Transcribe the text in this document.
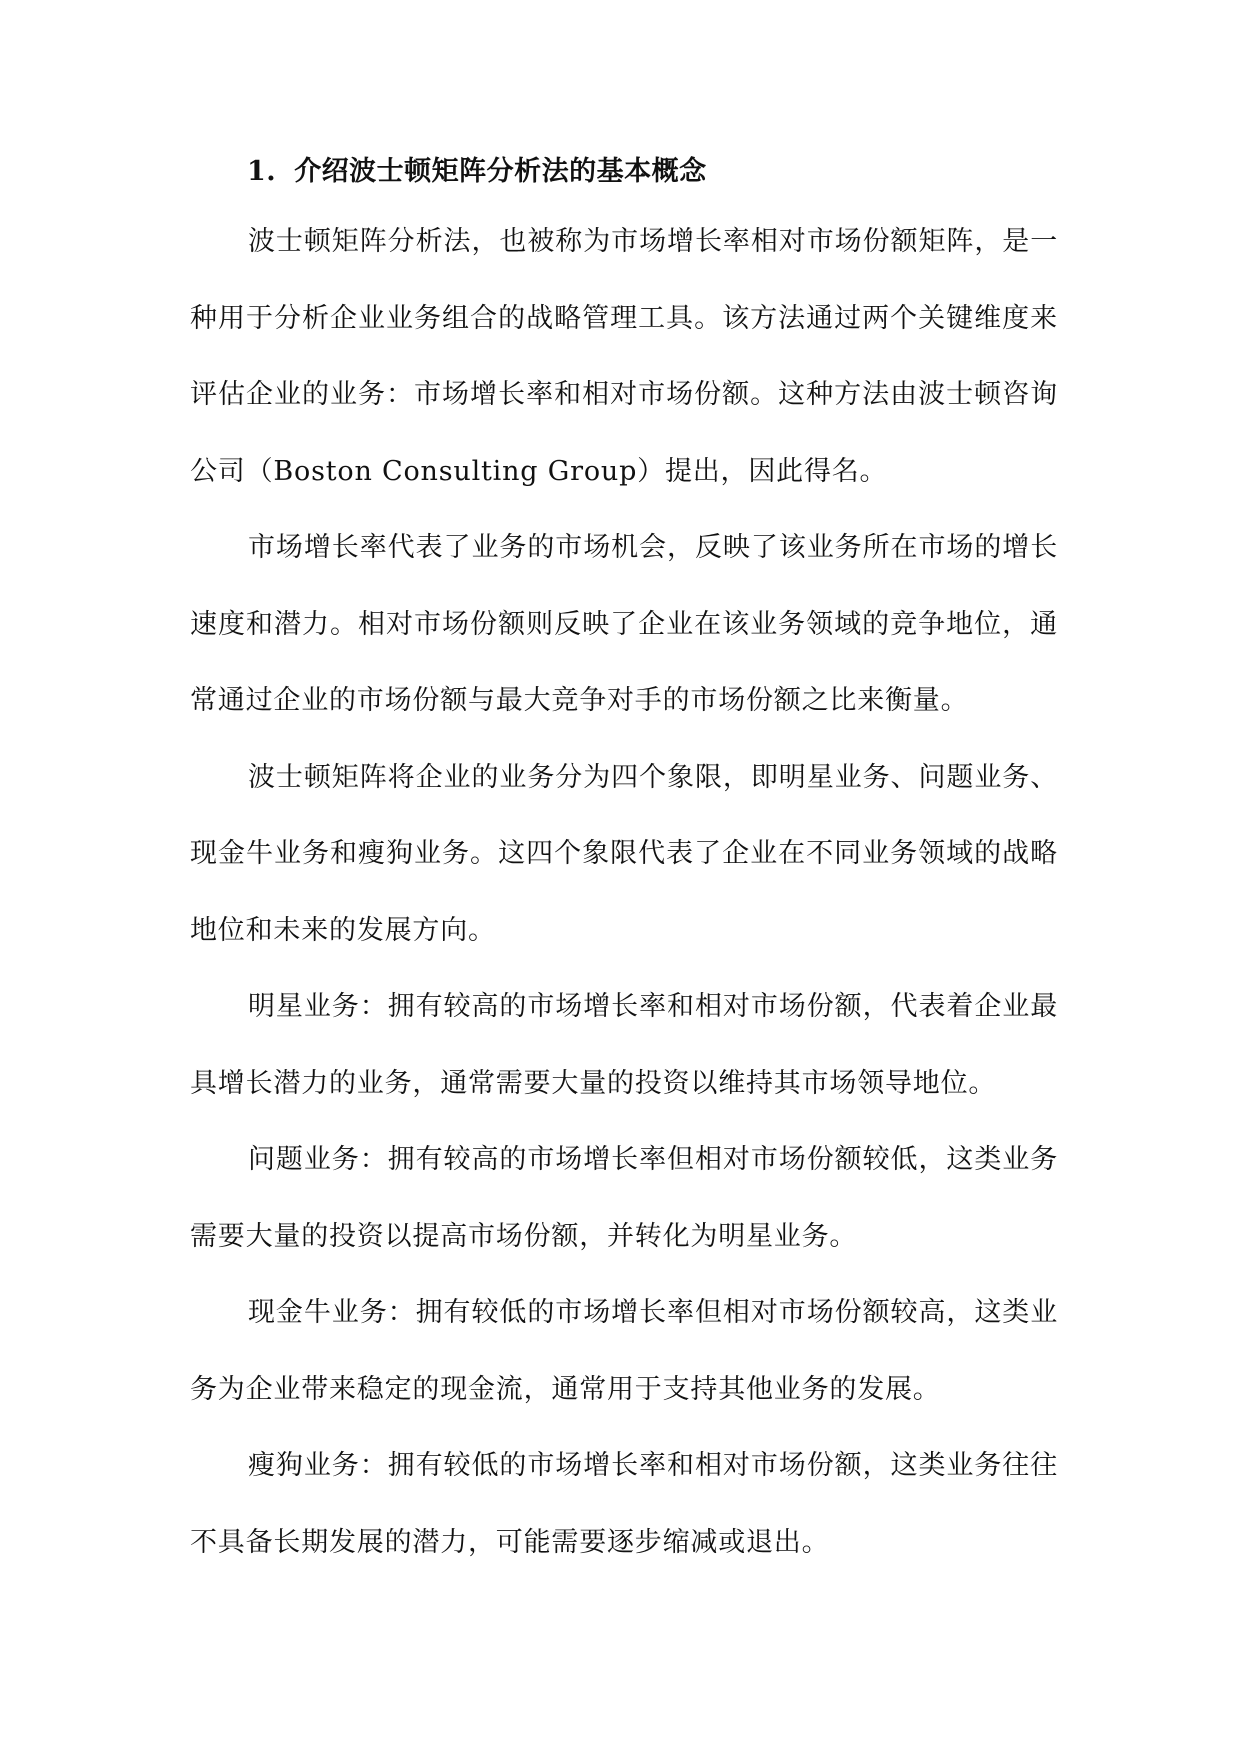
1. 介绍波士顿矩阵分析法的基本概念

波士顿矩阵分析法，也被称为市场增长率相对市场份额矩阵，是一种用于分析企业业务组合的战略管理工具。该方法通过两个关键维度来评估企业的业务：市场增长率和相对市场份额。这种方法由波士顿咨询公司（Boston Consulting Group）提出，因此得名。

市场增长率代表了业务的市场机会，反映了该业务所在市场的增长速度和潜力。相对市场份额则反映了企业在该业务领域的竞争地位，通常通过企业的市场份额与最大竞争对手的市场份额之比来衡量。

波士顿矩阵将企业的业务分为四个象限，即明星业务、问题业务、现金牛业务和瘦狗业务。这四个象限代表了企业在不同业务领域的战略地位和未来的发展方向。

明星业务：拥有较高的市场增长率和相对市场份额，代表着企业最具增长潜力的业务，通常需要大量的投资以维持其市场领导地位。

问题业务：拥有较高的市场增长率但相对市场份额较低，这类业务需要大量的投资以提高市场份额，并转化为明星业务。

现金牛业务：拥有较低的市场增长率但相对市场份额较高，这类业务为企业带来稳定的现金流，通常用于支持其他业务的发展。

瘦狗业务：拥有较低的市场增长率和相对市场份额，这类业务往往不具备长期发展的潜力，可能需要逐步缩减或退出。
